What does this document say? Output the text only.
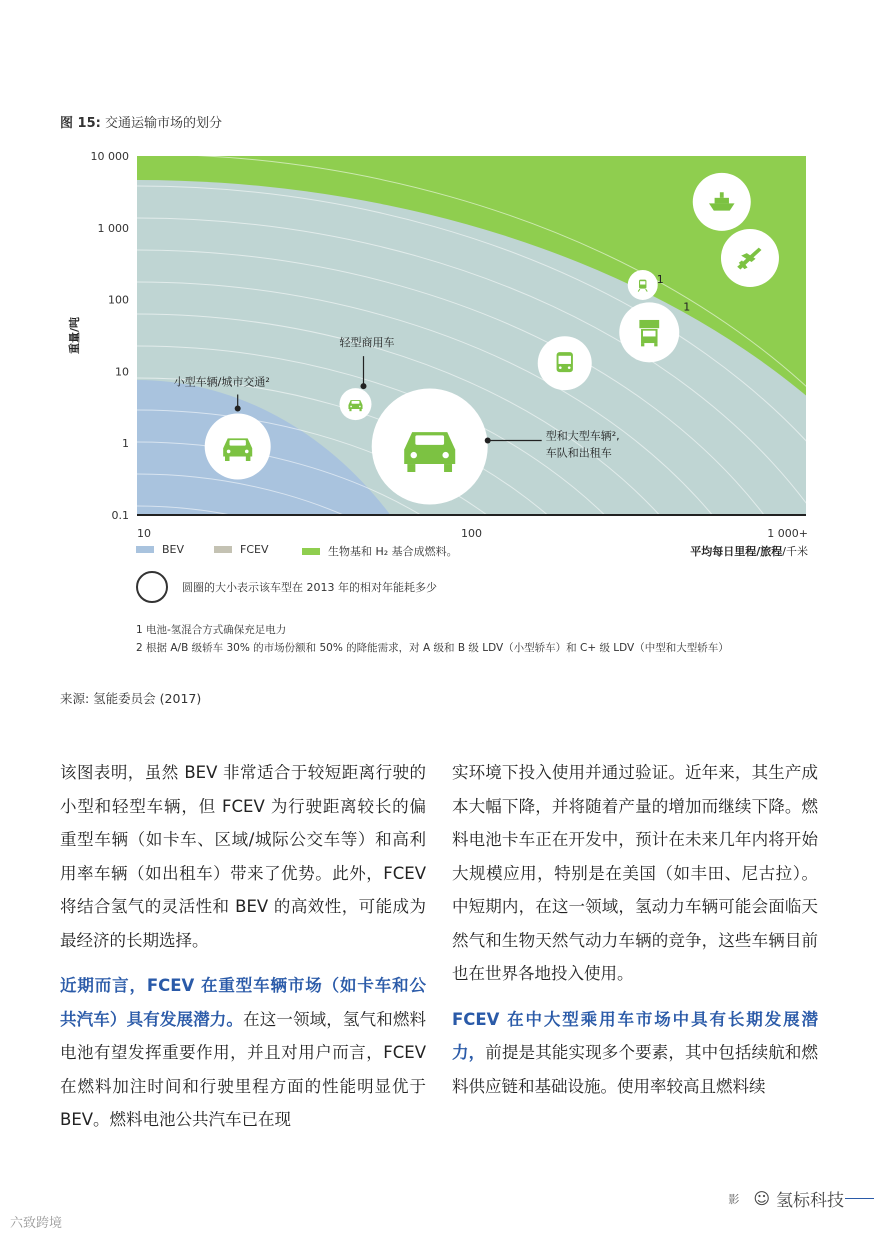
图 15: 交通运输市场的划分
0.1
1
10
100
1 000
10 000
10	100	1 000+
重量/吨
小型车辆/城市交通²
轻型商用车
型和大型车辆²,
车队和出租车
1
1
BEV	FCEV	生物基和 H₂ 基合成燃料。	平均每日里程/旅程/千米
圆圈的大小表示该车型在 2013 年的相对年能耗多少
1 电池-氢混合方式确保充足电力
2 根据 A/B 级轿车 30% 的市场份额和 50% 的降能需求，对 A 级和 B 级 LDV（小型轿车）和 C+ 级 LDV（中型和大型轿车）
来源: 氢能委员会 (2017)

该图表明，虽然 BEV 非常适合于较短距离行驶的小型和轻型车辆，但 FCEV 为行驶距离较长的偏重型车辆（如卡车、区域/城际公交车等）和高利用率车辆（如出租车）带来了优势。此外，FCEV 将结合氢气的灵活性和 BEV 的高效性，可能成为最经济的长期选择。

近期而言，FCEV 在重型车辆市场（如卡车和公共汽车）具有发展潜力。在这一领域，氢气和燃料电池有望发挥重要作用，并且对用户而言，FCEV 在燃料加注时间和行驶里程方面的性能明显优于 BEV。燃料电池公共汽车已在现

实环境下投入使用并通过验证。近年来，其生产成本大幅下降，并将随着产量的增加而继续下降。燃料电池卡车正在开发中，预计在未来几年内将开始大规模应用，特别是在美国（如丰田、尼古拉）。中短期内，在这一领域，氢动力车辆可能会面临天然气和生物天然气动力车辆的竞争，这些车辆目前也在世界各地投入使用。

FCEV 在中大型乘用车市场中具有长期发展潜力，前提是其能实现多个要素，其中包括续航和燃料供应链和基础设施。使用率较高且燃料续

影 ☺ 氢标科技
六致跨境
